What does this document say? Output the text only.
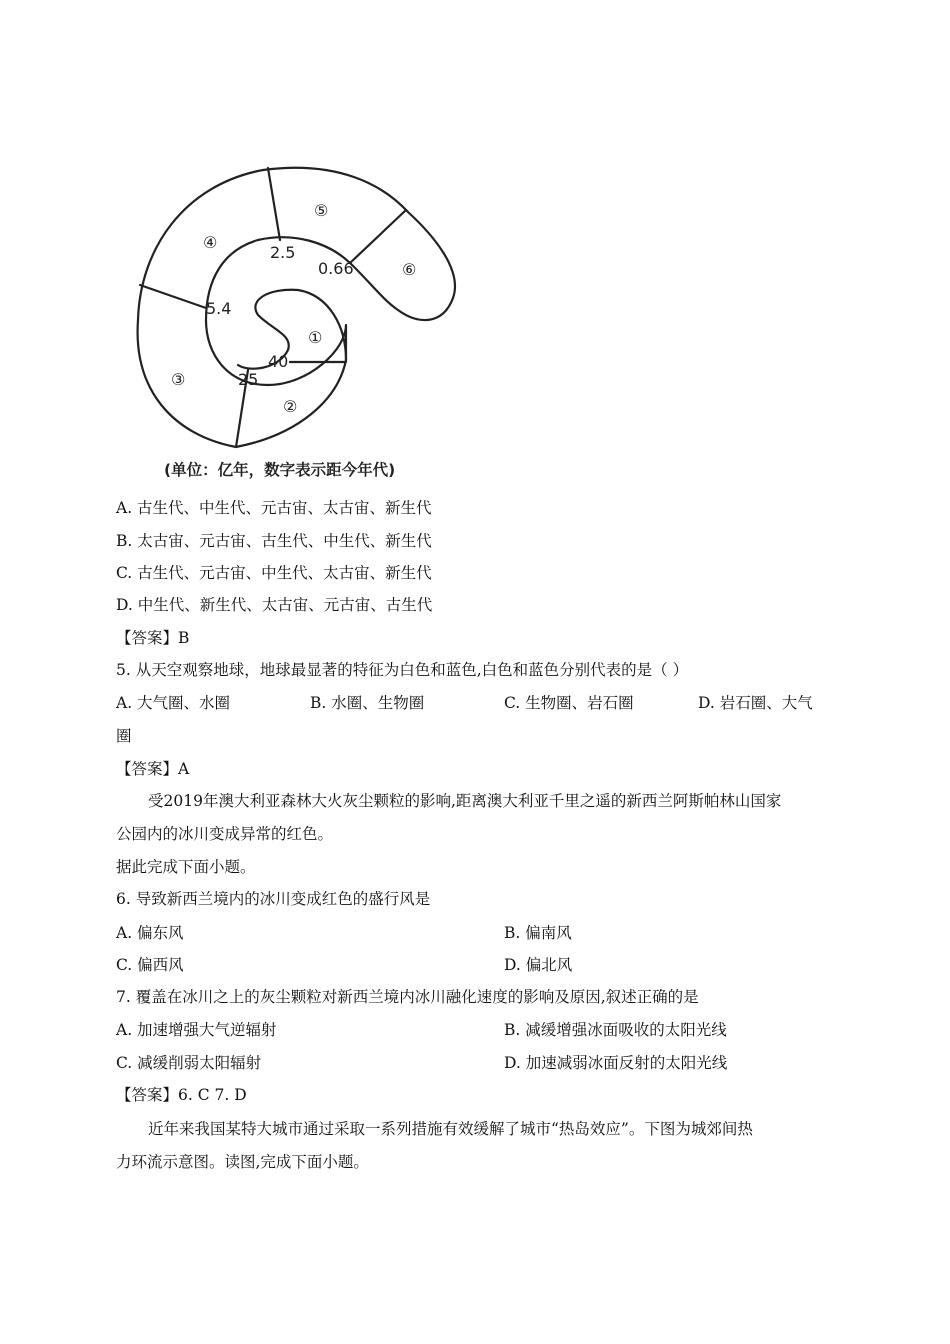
①
②
③
④
⑤
⑥
40
25
5.4
2.5
0.66
(单位：亿年，数字表示距今年代)
A. 古生代、中生代、元古宙、太古宙、新生代
B. 太古宙、元古宙、古生代、中生代、新生代
C. 古生代、元古宙、中生代、太古宙、新生代
D. 中生代、新生代、太古宙、元古宙、古生代
【答案】B
5. 从天空观察地球，地球最显著的特征为白色和蓝色,白色和蓝色分别代表的是（ ）
A. 大气圈、水圈	B. 水圈、生物圈	C. 生物圈、岩石圈	D. 岩石圈、大气
圈
【答案】A
受2019年澳大利亚森林大火灰尘颗粒的影响,距离澳大利亚千里之遥的新西兰阿斯帕林山国家
公园内的冰川变成异常的红色。
据此完成下面小题。
6. 导致新西兰境内的冰川变成红色的盛行风是
A. 偏东风	B. 偏南风
C. 偏西风	D. 偏北风
7. 覆盖在冰川之上的灰尘颗粒对新西兰境内冰川融化速度的影响及原因,叙述正确的是
A. 加速增强大气逆辐射	B. 减缓增强冰面吸收的太阳光线
C. 减缓削弱太阳辐射	D. 加速减弱冰面反射的太阳光线
【答案】6. C 7. D
近年来我国某特大城市通过采取一系列措施有效缓解了城市“热岛效应”。下图为城郊间热
力环流示意图。读图,完成下面小题。
